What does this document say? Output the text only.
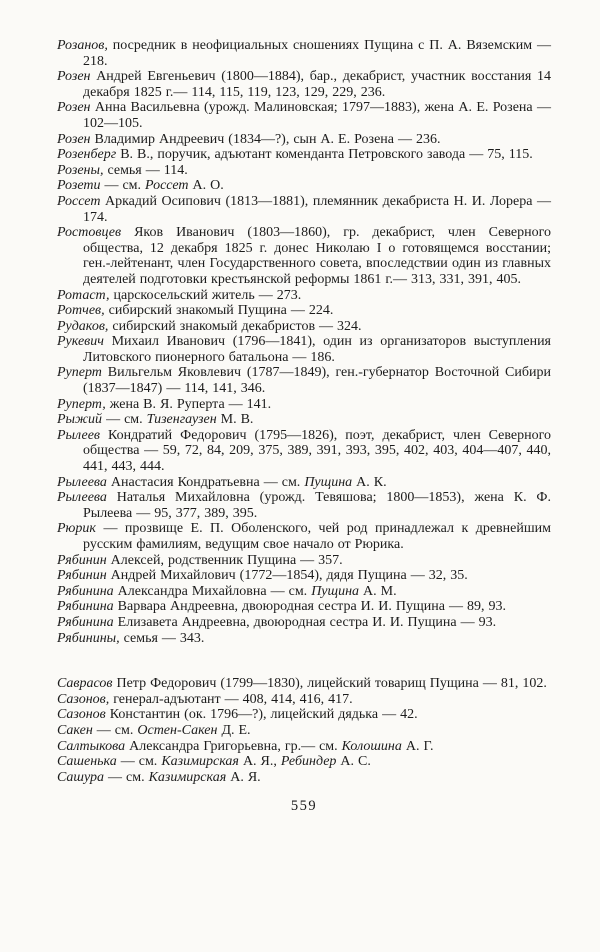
Розанов, посредник в неофициальных сношениях Пущина с П. А. Вяземским — 218.

Розен Андрей Евгеньевич (1800—1884), бар., декабрист, участник восстания 14 декабря 1825 г.— 114, 115, 119, 123, 129, 229, 236.

Розен Анна Васильевна (урожд. Малиновская; 1797—1883), жена А. Е. Розена — 102—105.

Розен Владимир Андреевич (1834—?), сын А. Е. Розена — 236.

Розенберг В. В., поручик, адъютант коменданта Петровского завода — 75, 115.

Розены, семья — 114.

Розети — см. Россет А. О.

Россет Аркадий Осипович (1813—1881), племянник декабриста Н. И. Лорера — 174.

Ростовцев Яков Иванович (1803—1860), гр. декабрист, член Северного общества, 12 декабря 1825 г. донес Николаю I о готовящемся восстании; ген.-лейтенант, член Государственного совета, впоследствии один из главных деятелей подготовки крестьянской реформы 1861 г.— 313, 331, 391, 405.

Ротаст, царскосельский житель — 273.

Ротчев, сибирский знакомый Пущина — 224.

Рудаков, сибирский знакомый декабристов — 324.

Рукевич Михаил Иванович (1796—1841), один из организаторов выступления Литовского пионерного батальона — 186.

Руперт Вильгельм Яковлевич (1787—1849), ген.-губернатор Восточной Сибири (1837—1847) — 114, 141, 346.

Руперт, жена В. Я. Руперта — 141.

Рыжий — см. Тизенгаузен М. В.

Рылеев Кондратий Федорович (1795—1826), поэт, декабрист, член Северного общества — 59, 72, 84, 209, 375, 389, 391, 393, 395, 402, 403, 404—407, 440, 441, 443, 444.

Рылеева Анастасия Кондратьевна — см. Пущина А. К.

Рылеева Наталья Михайловна (урожд. Тевяшова; 1800—1853), жена К. Ф. Рылеева — 95, 377, 389, 395.

Рюрик — прозвище Е. П. Оболенского, чей род принадлежал к древнейшим русским фамилиям, ведущим свое начало от Рюрика.

Рябинин Алексей, родственник Пущина — 357.

Рябинин Андрей Михайлович (1772—1854), дядя Пущина — 32, 35.

Рябинина Александра Михайловна — см. Пущина А. М.

Рябинина Варвара Андреевна, двоюродная сестра И. И. Пущина — 89, 93.

Рябинина Елизавета Андреевна, двоюродная сестра И. И. Пущина — 93.

Рябинины, семья — 343.

Саврасов Петр Федорович (1799—1830), лицейский товарищ Пущина — 81, 102.

Сазонов, генерал-адъютант — 408, 414, 416, 417.

Сазонов Константин (ок. 1796—?), лицейский дядька — 42.

Сакен — см. Остен-Сакен Д. Е.

Салтыкова Александра Григорьевна, гр.— см. Колошина А. Г.

Сашенька — см. Казимирская А. Я., Ребиндер А. С.

Сашура — см. Казимирская А. Я.

559
